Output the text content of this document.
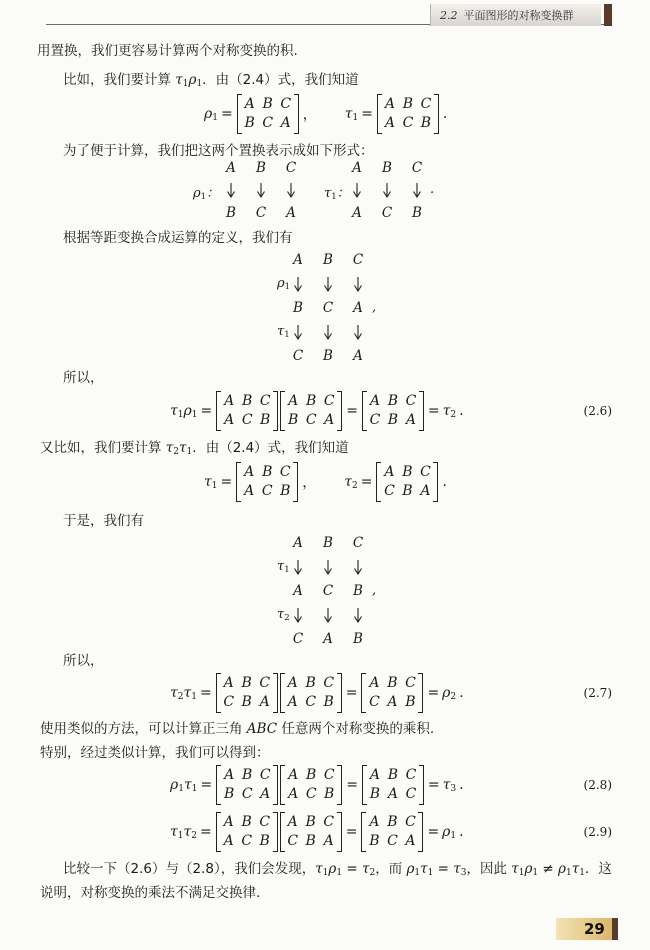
2.2 平面图形的对称变换群
用置换，我们更容易计算两个对称变换的积.
比如，我们要计算 $\tau_1\rho_1$．由（2.4）式，我们知道
$\rho_1$ =
A B C
B C A ， $\tau_1$ =
A B C
A C B
.
为了便于计算，我们把这两个置换表示成如下形式：
A	B	C	A	B	C
$\rho_1$：	$\tau_1$：	.
B	C	A	A	C	B
根据等距变换合成运算的定义，我们有
A	B	C
$\rho_1$
B	C	A ,
$\tau_1$
C	B	A
所以，
$\tau_1\rho_1$ =
A B C
A C B
A B C
B C A
=
A B C
C B A
= $\tau_2$ .	(2.6)
又比如，我们要计算 $\tau_2\tau_1$．由（2.4）式，我们知道
$\tau_1$ =
A B C
A C B ， $\tau_2$ =
A B C
C B A
.
于是，我们有
A	B	C
$\tau_1$
A	C	B ,
$\tau_2$
C	A	B
所以，
$\tau_2\tau_1$ =
A B C
C B A
A B C
A C B
=
A B C
C A B
= $\rho_2$ .	(2.7)
使用类似的方法，可以计算正三角 ABC 任意两个对称变换的乘积.
特别，经过类似计算，我们可以得到：
$\rho_1\tau_1$ =
A B C
B C A
A B C
A C B
=
A B C
B A C
= $\tau_3$ .	(2.8)
$\tau_1\tau_2$ =
A B C
A C B
A B C
C B A
=
A B C
B C A
= $\rho_1$ .	(2.9)
比较一下（2.6）与（2.8），我们会发现，$\tau_1\rho_1 = \tau_2$，而 $\rho_1\tau_1 = \tau_3$，因此 $\tau_1\rho_1 \ne \rho_1\tau_1$．这
说明，对称变换的乘法不满足交换律.
29
